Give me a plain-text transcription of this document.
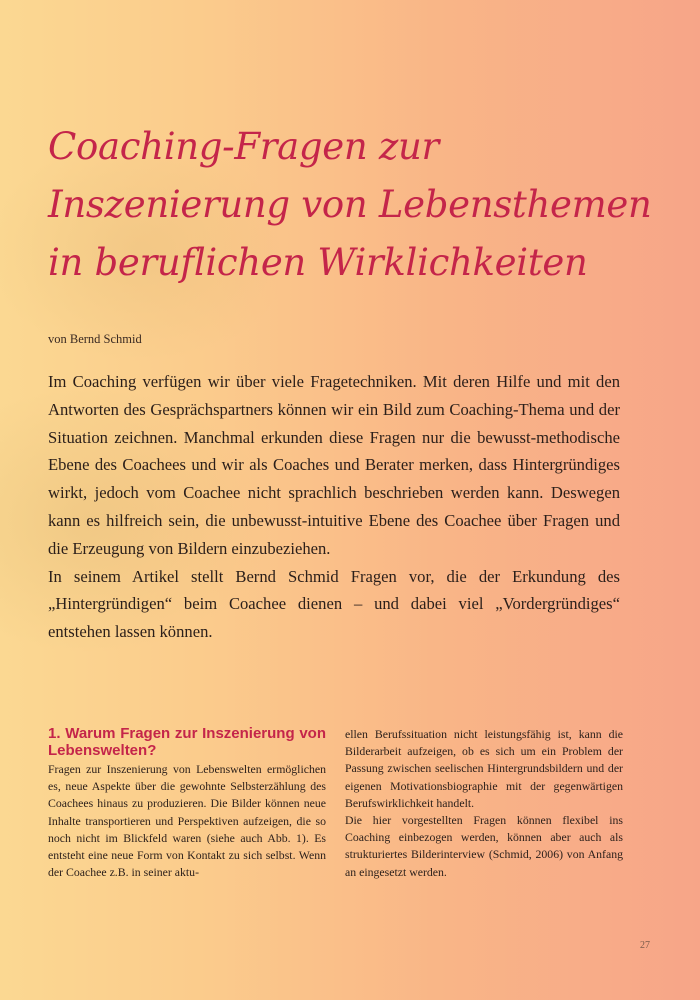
Coaching-Fragen zur Inszenierung von Lebensthemen in beruflichen Wirklichkeiten

von Bernd Schmid

Im Coaching verfügen wir über viele Fragetechniken. Mit deren Hilfe und mit den Antworten des Gesprächspartners können wir ein Bild zum Coaching-Thema und der Situation zeichnen. Manchmal erkunden diese Fragen nur die bewusst-methodische Ebene des Coachees und wir als Coaches und Berater merken, dass Hintergründiges wirkt, jedoch vom Coachee nicht sprachlich beschrieben werden kann. Deswegen kann es hilfreich sein, die unbewusst-intuitive Ebene des Coachee über Fragen und die Erzeugung von Bildern einzubeziehen.

In seinem Artikel stellt Bernd Schmid Fragen vor, die der Erkundung des „Hintergründigen“ beim Coachee dienen – und dabei viel „Vordergründiges“ entstehen lassen können.

1. Warum Fragen zur Inszenierung von Lebenswelten?

Fragen zur Inszenierung von Lebenswelten ermöglichen es, neue Aspekte über die gewohnte Selbsterzählung des Coachees hinaus zu produzieren. Die Bilder können neue Inhalte transportieren und Perspektiven aufzeigen, die so noch nicht im Blickfeld waren (siehe auch Abb. 1). Es entsteht eine neue Form von Kontakt zu sich selbst. Wenn der Coachee z.B. in seiner aktu-

ellen Berufssituation nicht leistungsfähig ist, kann die Bilderarbeit aufzeigen, ob es sich um ein Problem der Passung zwischen seelischen Hintergrundsbildern und der eigenen Motivationsbiographie mit der gegenwärtigen Berufswirklichkeit handelt.

Die hier vorgestellten Fragen können flexibel ins Coaching einbezogen werden, können aber auch als strukturiertes Bilderinterview (Schmid, 2006) von Anfang an eingesetzt werden.

27
